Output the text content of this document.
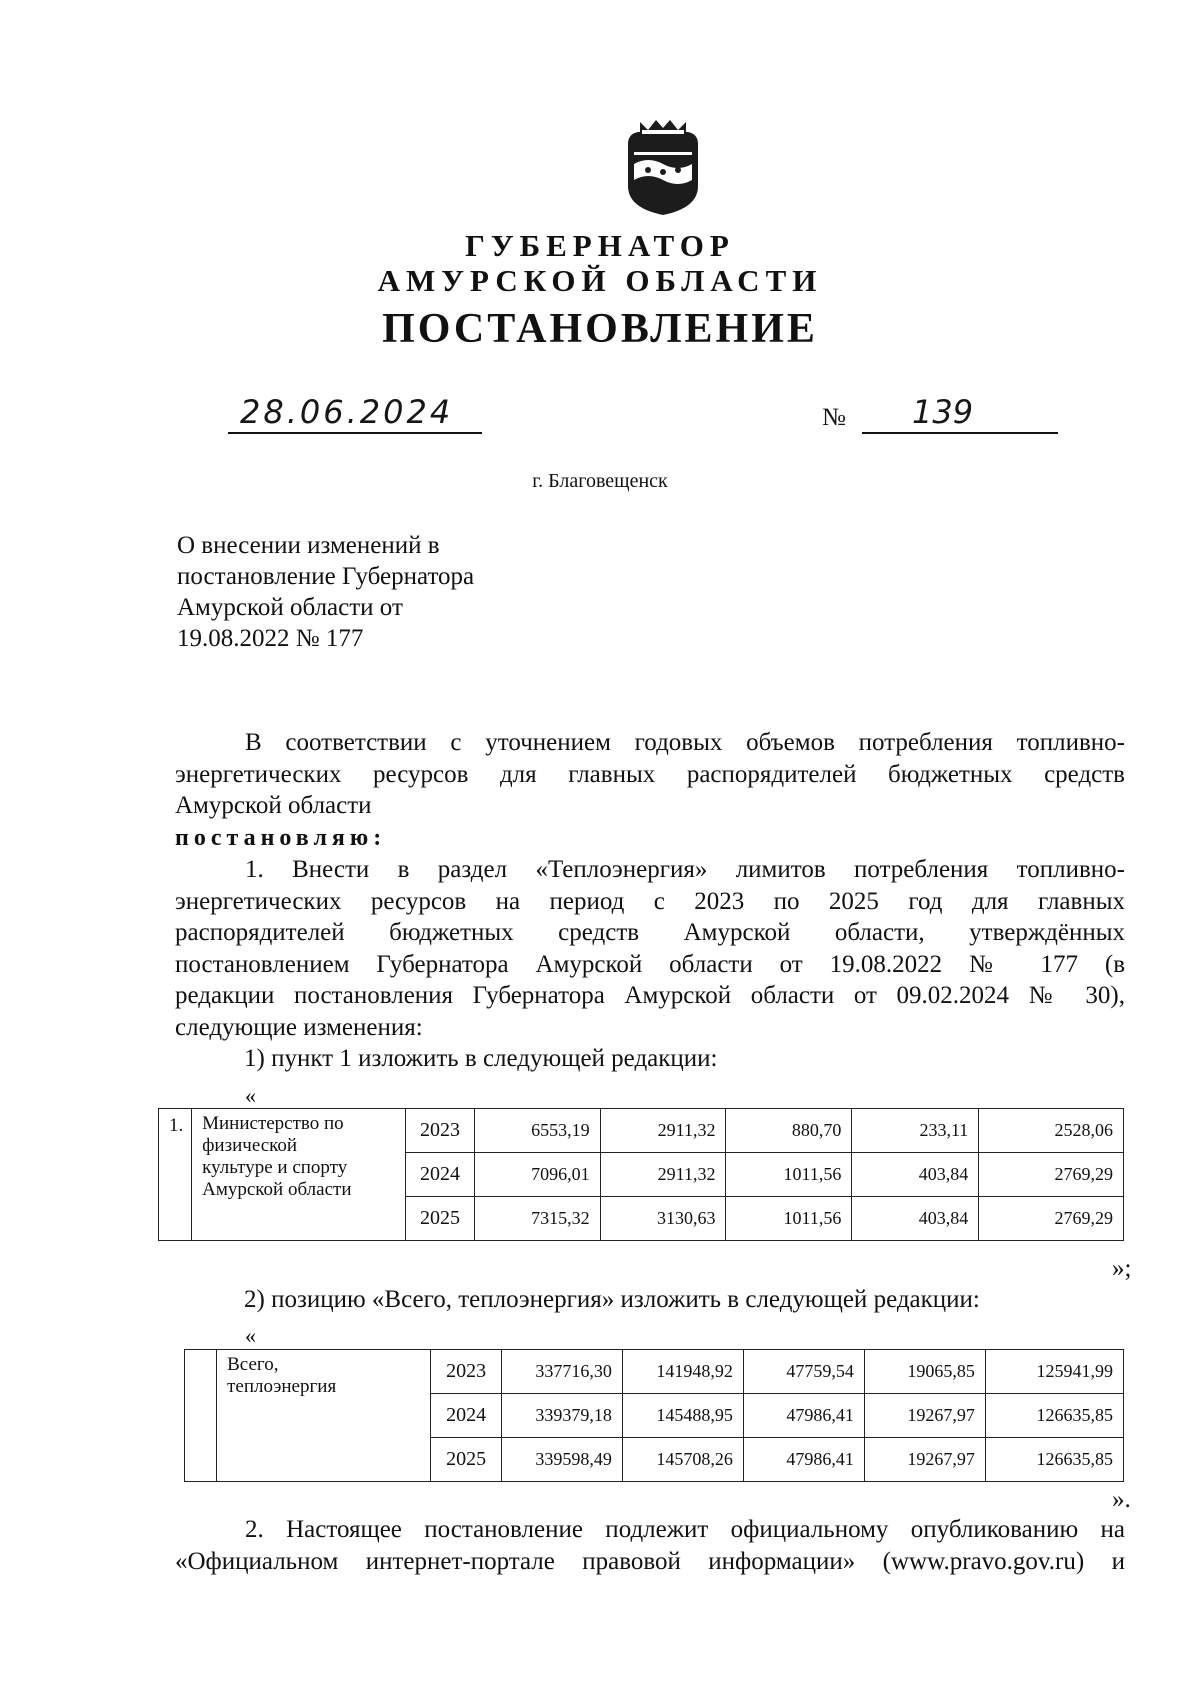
ГУБЕРНАТОР
АМУРСКОЙ ОБЛАСТИ
ПОСТАНОВЛЕНИЕ
28.06.2024	№ 139
г. Благовещенск
О внесении изменений в
постановление Губернатора
Амурской области от
19.08.2022 № 177
В соответствии с уточнением годовых объемов потребления топливно-
энергетических ресурсов для главных распорядителей бюджетных средств
Амурской области
постановляю:
1. Внести в раздел «Теплоэнергия» лимитов потребления топливно-
энергетических ресурсов на период с 2023 по 2025 год для главных
распорядителей бюджетных средств Амурской области, утверждённых
постановлением Губернатора Амурской области от 19.08.2022 № 177 (в
редакции постановления Губернатора Амурской области от 09.02.2024 № 30),
следующие изменения:
1) пункт 1 изложить в следующей редакции:
«
1.	Министерство по
физической
культуре и спорту
Амурской области	2023	6553,19	2911,32	880,70	233,11	2528,06
		2024	7096,01	2911,32	1011,56	403,84	2769,29
		2025	7315,32	3130,63	1011,56	403,84	2769,29
»;
2) позицию «Всего, теплоэнергия» изложить в следующей редакции:
«

	Всего,
теплоэнергия	2023	337716,30	141948,92	47759,54	19065,85	125941,99
		2024	339379,18	145488,95	47986,41	19267,97	126635,85
		2025	339598,49	145708,26	47986,41	19267,97	126635,85
».
2. Настоящее постановление подлежит официальному опубликованию на
«Официальном интернет-портале правовой информации» (www.pravo.gov.ru) и
